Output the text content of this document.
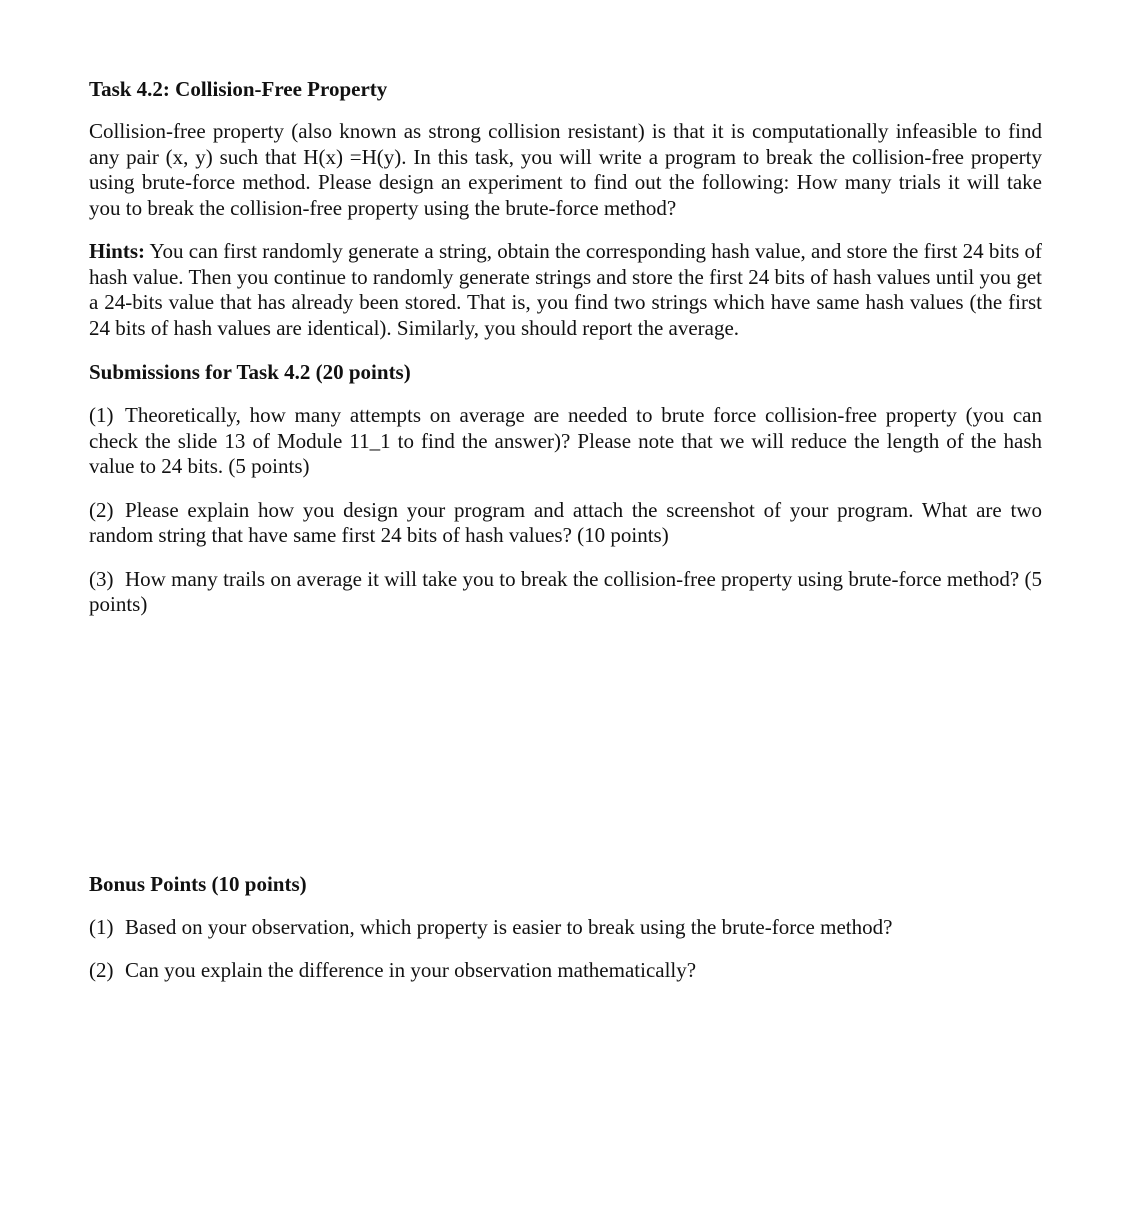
Task 4.2: Collision-Free Property

Collision-free property (also known as strong collision resistant) is that it is computationally infeasible to find any pair (x, y) such that H(x) =H(y). In this task, you will write a program to break the collision-free property using brute-force method. Please design an experiment to find out the following: How many trials it will take you to break the collision-free property using the brute-force method?

Hints: You can first randomly generate a string, obtain the corresponding hash value, and store the first 24 bits of hash value. Then you continue to randomly generate strings and store the first 24 bits of hash values until you get a 24-bits value that has already been stored. That is, you find two strings which have same hash values (the first 24 bits of hash values are identical). Similarly, you should report the average.

Submissions for Task 4.2 (20 points)

(1) Theoretically, how many attempts on average are needed to brute force collision-free property (you can check the slide 13 of Module 11_1 to find the answer)? Please note that we will reduce the length of the hash value to 24 bits. (5 points)

(2) Please explain how you design your program and attach the screenshot of your program. What are two random string that have same first 24 bits of hash values? (10 points)

(3) How many trails on average it will take you to break the collision-free property using brute-force method? (5 points)

Bonus Points (10 points)

(1) Based on your observation, which property is easier to break using the brute-force method?

(2) Can you explain the difference in your observation mathematically?
